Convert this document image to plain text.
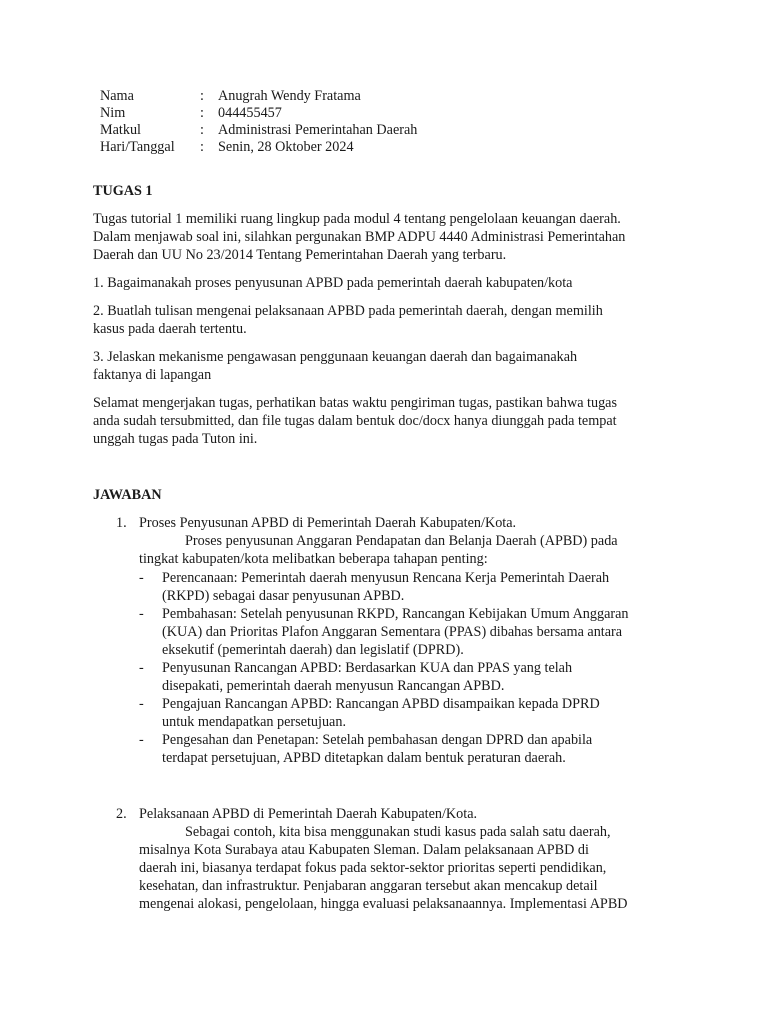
Nama	: Anugrah Wendy Fratama
Nim	: 044455457
Matkul	: Administrasi Pemerintahan Daerah
Hari/Tanggal : Senin, 28 Oktober 2024
TUGAS 1
Tugas tutorial 1 memiliki ruang lingkup pada modul 4 tentang pengelolaan keuangan daerah.
Dalam menjawab soal ini, silahkan pergunakan BMP ADPU 4440 Administrasi Pemerintahan
Daerah dan UU No 23/2014 Tentang Pemerintahan Daerah yang terbaru.
1. Bagaimanakah proses penyusunan APBD pada pemerintah daerah kabupaten/kota
2. Buatlah tulisan mengenai pelaksanaan APBD pada pemerintah daerah, dengan memilih
kasus pada daerah tertentu.
3. Jelaskan mekanisme pengawasan penggunaan keuangan daerah dan bagaimanakah
faktanya di lapangan
Selamat mengerjakan tugas, perhatikan batas waktu pengiriman tugas, pastikan bahwa tugas
anda sudah tersubmitted, dan file tugas dalam bentuk doc/docx hanya diunggah pada tempat
unggah tugas pada Tuton ini.
JAWABAN
1. Proses Penyusunan APBD di Pemerintah Daerah Kabupaten/Kota.
Proses penyusunan Anggaran Pendapatan dan Belanja Daerah (APBD) pada
tingkat kabupaten/kota melibatkan beberapa tahapan penting:
- Perencanaan: Pemerintah daerah menyusun Rencana Kerja Pemerintah Daerah
(RKPD) sebagai dasar penyusunan APBD.
- Pembahasan: Setelah penyusunan RKPD, Rancangan Kebijakan Umum Anggaran
(KUA) dan Prioritas Plafon Anggaran Sementara (PPAS) dibahas bersama antara
eksekutif (pemerintah daerah) dan legislatif (DPRD).
- Penyusunan Rancangan APBD: Berdasarkan KUA dan PPAS yang telah
disepakati, pemerintah daerah menyusun Rancangan APBD.
- Pengajuan Rancangan APBD: Rancangan APBD disampaikan kepada DPRD
untuk mendapatkan persetujuan.
- Pengesahan dan Penetapan: Setelah pembahasan dengan DPRD dan apabila
terdapat persetujuan, APBD ditetapkan dalam bentuk peraturan daerah.
2. Pelaksanaan APBD di Pemerintah Daerah Kabupaten/Kota.
Sebagai contoh, kita bisa menggunakan studi kasus pada salah satu daerah,
misalnya Kota Surabaya atau Kabupaten Sleman. Dalam pelaksanaan APBD di
daerah ini, biasanya terdapat fokus pada sektor-sektor prioritas seperti pendidikan,
kesehatan, dan infrastruktur. Penjabaran anggaran tersebut akan mencakup detail
mengenai alokasi, pengelolaan, hingga evaluasi pelaksanaannya. Implementasi APBD
